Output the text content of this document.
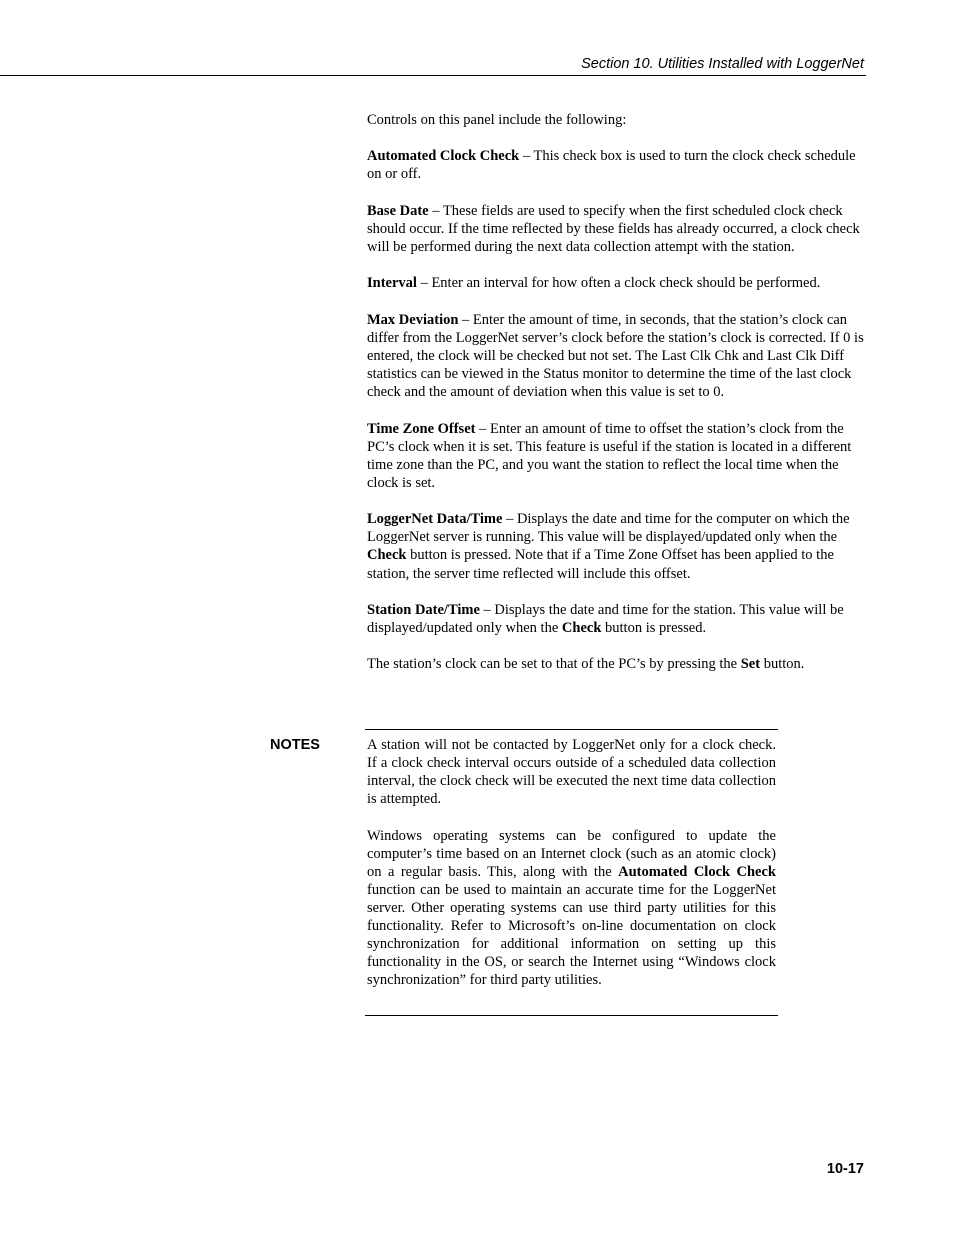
Section 10. Utilities Installed with LoggerNet

Controls on this panel include the following:

Automated Clock Check – This check box is used to turn the clock check schedule on or off.

Base Date – These fields are used to specify when the first scheduled clock check should occur. If the time reflected by these fields has already occurred, a clock check will be performed during the next data collection attempt with the station.

Interval – Enter an interval for how often a clock check should be performed.

Max Deviation – Enter the amount of time, in seconds, that the station’s clock can differ from the LoggerNet server’s clock before the station’s clock is corrected. If 0 is entered, the clock will be checked but not set. The Last Clk Chk and Last Clk Diff statistics can be viewed in the Status monitor to determine the time of the last clock check and the amount of deviation when this value is set to 0.

Time Zone Offset – Enter an amount of time to offset the station’s clock from the PC’s clock when it is set. This feature is useful if the station is located in a different time zone than the PC, and you want the station to reflect the local time when the clock is set.

LoggerNet Data/Time – Displays the date and time for the computer on which the LoggerNet server is running. This value will be displayed/updated only when the Check button is pressed. Note that if a Time Zone Offset has been applied to the station, the server time reflected will include this offset.

Station Date/Time – Displays the date and time for the station. This value will be displayed/updated only when the Check button is pressed.

The station’s clock can be set to that of the PC’s by pressing the Set button.

NOTES	A station will not be contacted by LoggerNet only for a clock check. If a clock check interval occurs outside of a scheduled data collection interval, the clock check will be executed the next time data collection is attempted.

Windows operating systems can be configured to update the computer’s time based on an Internet clock (such as an atomic clock) on a regular basis. This, along with the Automated Clock Check function can be used to maintain an accurate time for the LoggerNet server. Other operating systems can use third party utilities for this functionality. Refer to Microsoft’s on-line documentation on clock synchronization for additional information on setting up this functionality in the OS, or search the Internet using “Windows clock synchronization” for third party utilities.

10-17
